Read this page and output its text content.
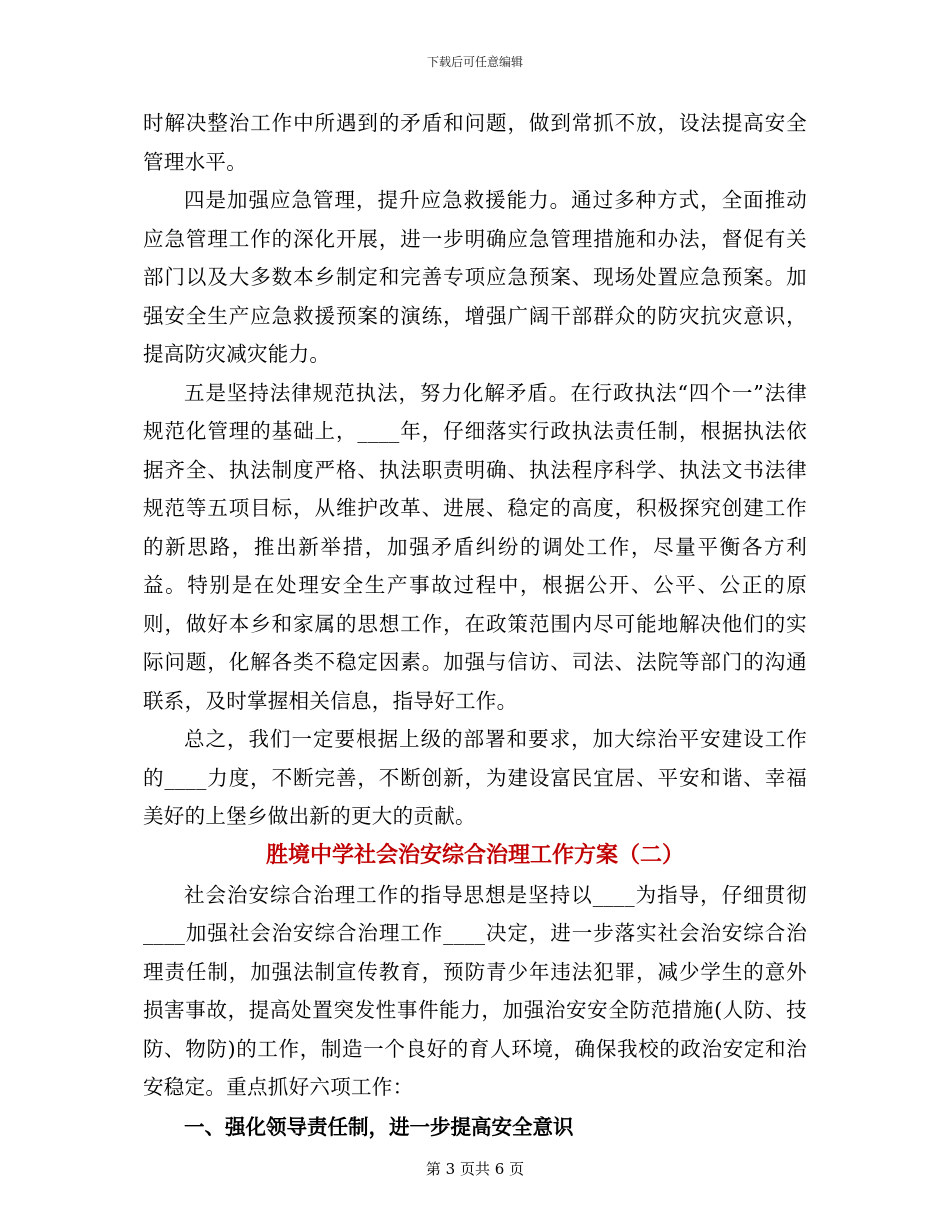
下载后可任意编辑

时解决整治工作中所遇到的矛盾和问题，做到常抓不放，设法提高安全管理水平。

四是加强应急管理，提升应急救援能力。通过多种方式，全面推动应急管理工作的深化开展，进一步明确应急管理措施和办法，督促有关部门以及大多数本乡制定和完善专项应急预案、现场处置应急预案。加强安全生产应急救援预案的演练，增强广阔干部群众的防灾抗灾意识，提高防灾减灾能力。

五是坚持法律规范执法，努力化解矛盾。在行政执法“四个一”法律规范化管理的基础上，____年，仔细落实行政执法责任制，根据执法依据齐全、执法制度严格、执法职责明确、执法程序科学、执法文书法律规范等五项目标，从维护改革、进展、稳定的高度，积极探究创建工作的新思路，推出新举措，加强矛盾纠纷的调处工作，尽量平衡各方利益。特别是在处理安全生产事故过程中，根据公开、公平、公正的原则，做好本乡和家属的思想工作，在政策范围内尽可能地解决他们的实际问题，化解各类不稳定因素。加强与信访、司法、法院等部门的沟通联系，及时掌握相关信息，指导好工作。

总之，我们一定要根据上级的部署和要求，加大综治平安建设工作的____力度，不断完善，不断创新，为建设富民宜居、平安和谐、幸福美好的上堡乡做出新的更大的贡献。

胜境中学社会治安综合治理工作方案（二）

社会治安综合治理工作的指导思想是坚持以____为指导，仔细贯彻____加强社会治安综合治理工作____决定，进一步落实社会治安综合治理责任制，加强法制宣传教育，预防青少年违法犯罪，减少学生的意外损害事故，提高处置突发性事件能力，加强治安安全防范措施(人防、技防、物防)的工作，制造一个良好的育人环境，确保我校的政治安定和治安稳定。重点抓好六项工作：

一、强化领导责任制，进一步提高安全意识

第 3 页共 6 页
